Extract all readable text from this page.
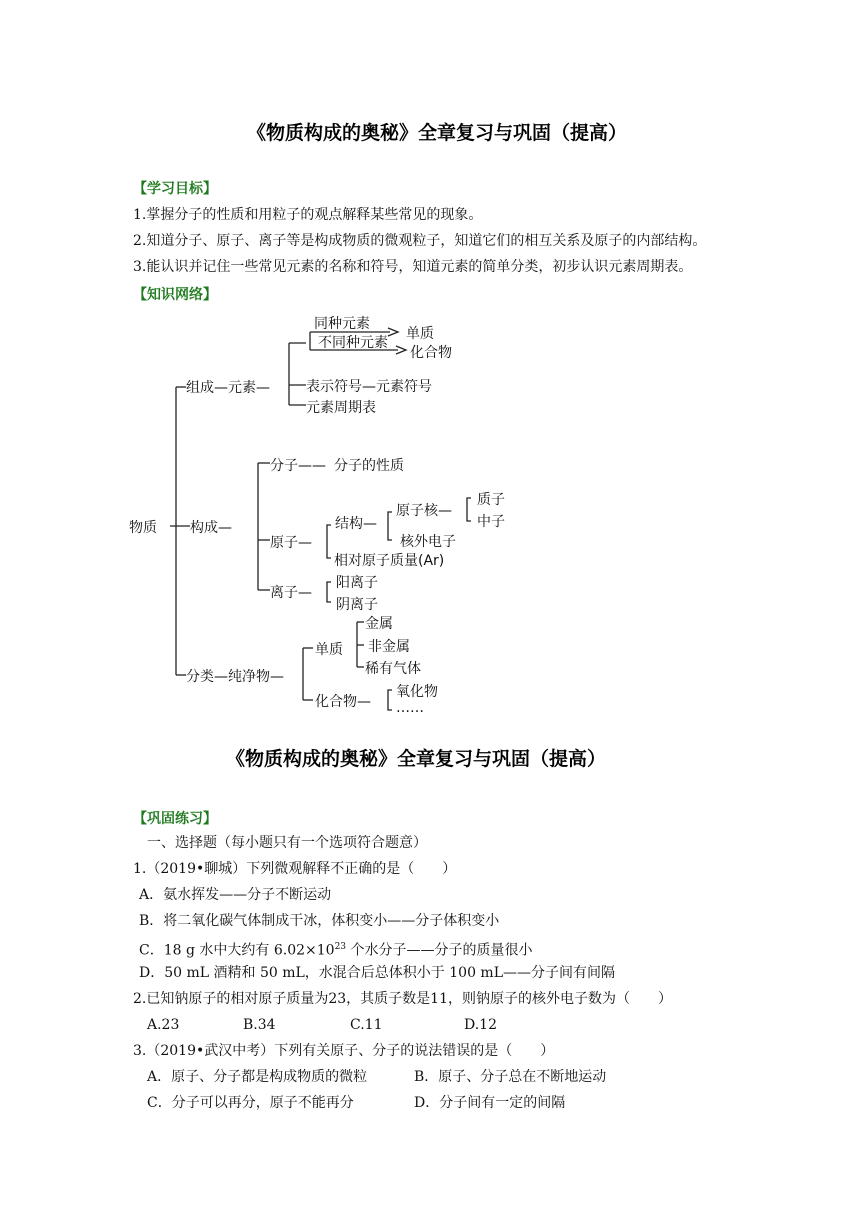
《物质构成的奥秘》全章复习与巩固（提高）
【学习目标】
1.掌握分子的性质和用粒子的观点解释某些常见的现象。
2.知道分子、原子、离子等是构成物质的微观粒子，知道它们的相互关系及原子的内部结构。
3.能认识并记住一些常见元素的名称和符号，知道元素的简单分类，初步认识元素周期表。
【知识网络】
物质
组成—元素—
同种元素
不同种元素
单质
化合物
表示符号—元素符号
元素周期表
构成—
分子—— 分子的性质
原子—
结构—
原子核—
质子
中子
核外电子
相对原子质量(Ar)
离子—
阳离子
阴离子
分类—纯净物—
单质
金属
非金属
稀有气体
化合物—
氧化物
……
《物质构成的奥秘》全章复习与巩固（提高）
【巩固练习】
一、选择题（每小题只有一个选项符合题意）
1.（2019•聊城）下列微观解释不正确的是（　　）
A．氨水挥发——分子不断运动
B．将二氧化碳气体制成干冰，体积变小——分子体积变小
C．18 g 水中大约有 $6.02\times 10^{23}$ 个水分子——分子的质量很小
D．50 mL 酒精和 50 mL，水混合后总体积小于 100 mL——分子间有间隔
2.已知钠原子的相对原子质量为23，其质子数是11，则钠原子的核外电子数为（　　）
A.23	B.34	C.11	D.12
3.（2019•武汉中考）下列有关原子、分子的说法错误的是（　　）
A．原子、分子都是构成物质的微粒	B．原子、分子总在不断地运动
C．分子可以再分，原子不能再分	D．分子间有一定的间隔
